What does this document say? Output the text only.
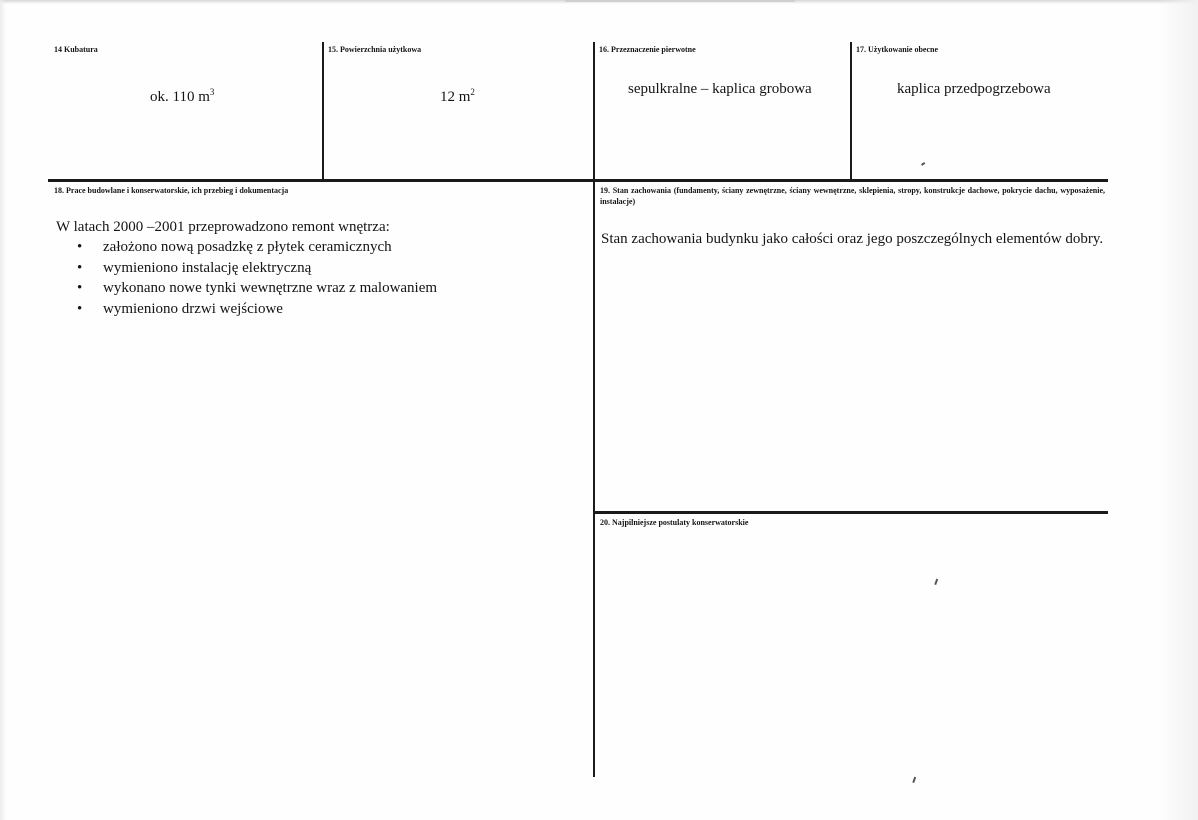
14 Kubatura
ok. 110 $m^3$
15. Powierzchnia użytkowa
12 $m^2$
16. Przeznaczenie pierwotne
sepulkralne – kaplica grobowa
17. Użytkowanie obecne
kaplica przedpogrzebowa
18. Prace budowlane i konserwatorskie, ich przebieg i dokumentacja
W latach 2000 –2001 przeprowadzono remont wnętrza:
• założono nową posadzkę z płytek ceramicznych
• wymieniono instalację elektryczną
• wykonano nowe tynki wewnętrzne wraz z malowaniem
• wymieniono drzwi wejściowe
19. Stan zachowania (fundamenty, ściany zewnętrzne, ściany wewnętrzne, sklepienia, stropy, konstrukcje dachowe, pokrycie dachu, wyposażenie, instalacje)
Stan zachowania budynku jako całości oraz jego poszczególnych elementów dobry.
20. Najpilniejsze postulaty konserwatorskie
